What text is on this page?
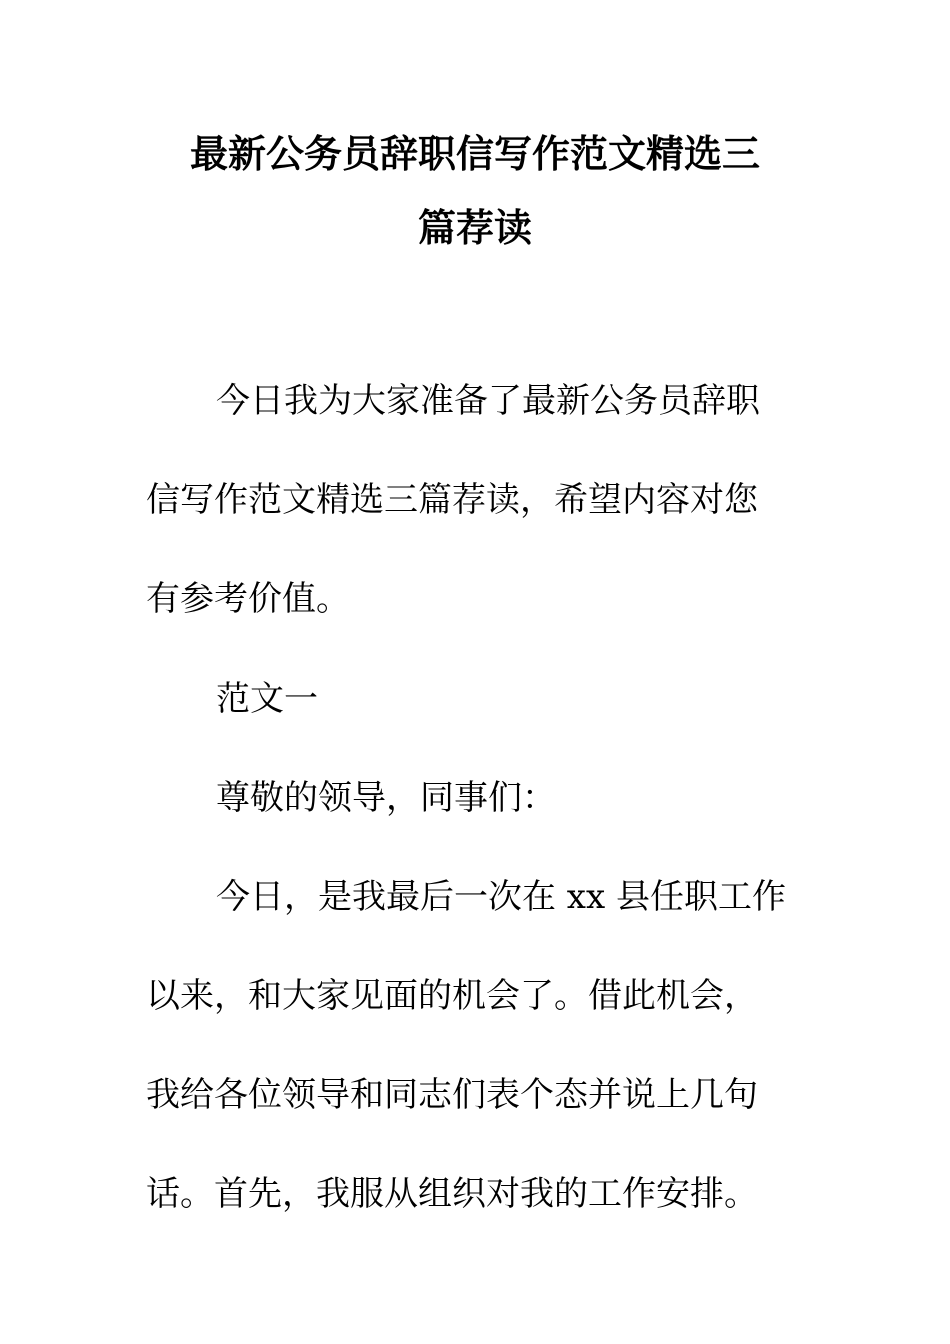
最新公务员辞职信写作范文精选三
篇荐读
今日我为大家准备了最新公务员辞职
信写作范文精选三篇荐读，希望内容对您
有参考价值。
范文一
尊敬的领导，同事们：
今日，是我最后一次在 xx 县任职工作
以来，和大家见面的机会了。借此机会，
我给各位领导和同志们表个态并说上几句
话。首先，我服从组织对我的工作安排。
